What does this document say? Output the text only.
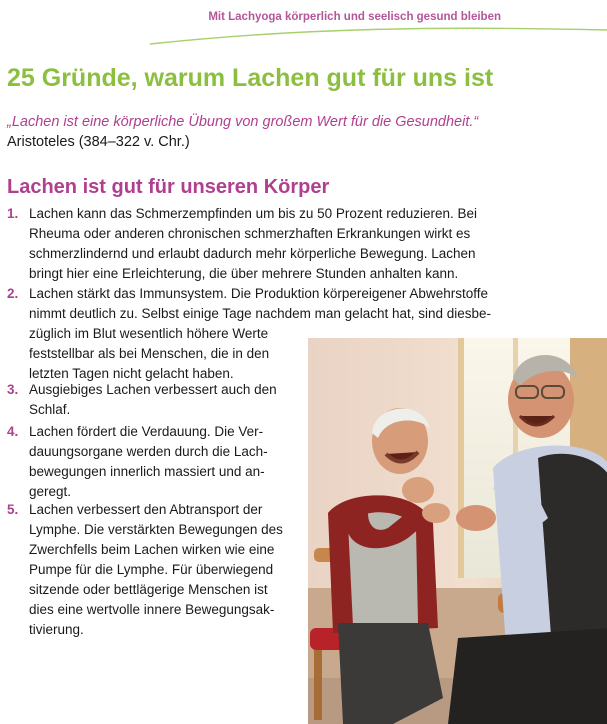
Mit Lachyoga körperlich und seelisch gesund bleiben
25 Gründe, warum Lachen gut für uns ist

„Lachen ist eine körperliche Übung von großem Wert für die Gesundheit.“

Aristoteles (384–322 v. Chr.)

Lachen ist gut für unseren Körper
1. Lachen kann das Schmerzempfinden um bis zu 50 Prozent reduzieren. Bei
Rheuma oder anderen chronischen schmerzhaften Erkrankungen wirkt es
schmerzlindernd und erlaubt dadurch mehr körperliche Bewegung. Lachen
bringt hier eine Erleichterung, die über mehrere Stunden anhalten kann.
2. Lachen stärkt das Immunsystem. Die Produktion körpereigener Abwehrstoffe
nimmt deutlich zu. Selbst einige Tage nachdem man gelacht hat, sind diesbe-
züglich im Blut wesentlich höhere Werte
feststellbar als bei Menschen, die in den
letzten Tagen nicht gelacht haben.
3. Ausgiebiges Lachen verbessert auch den
Schlaf.
4. Lachen fördert die Verdauung. Die Ver-
dauungsorgane werden durch die Lach-
bewegungen innerlich massiert und an-
geregt.
5. Lachen verbessert den Abtransport der
Lymphe. Die verstärkten Bewegungen des
Zwerchfells beim Lachen wirken wie eine
Pumpe für die Lymphe. Für überwiegend
sitzende oder bettlägerige Menschen ist
dies eine wertvolle innere Bewegungsak-
tivierung.
